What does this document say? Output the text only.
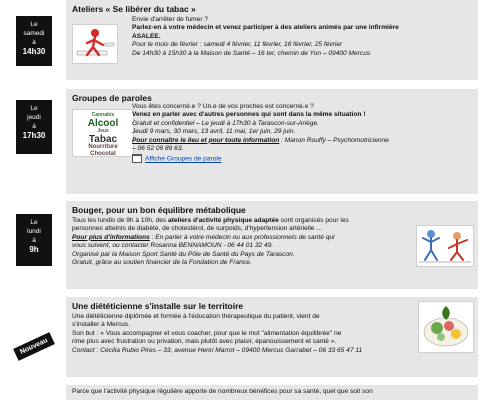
Le
samedi
à
14h30
Ateliers « Se libérer du tabac »

Envie d'arrêter de fumer ?

Parlez-en à votre médecin et venez participer à des ateliers animés par une infirmière

ASALEE.

Pour le mois de février : samedi 4 février, 11 février, 18 février, 25 février

De 14h30 à 15h30 à la Maison de Santé – 16 ter, chemin de Yon – 09400 Mercus

Le
jeudi
à
17h30
Groupes de paroles
Cannabis
Alcool
Jeux
Tabac
Nourriture
Chocolat

Vous êtes concerné.e ? Un.e de vos proches est concerné.e ?

Venez en parler avec d'autres personnes qui sont dans la même situation !

Gratuit et confidentiel – Le jeudi à 17h30 à Tarascon-sur-Ariège.

Jeudi 9 mars, 30 mars, 13 avril, 11 mai, 1er juin, 29 juin.

Pour connaître le lieu et pour toute information : Manon Rouffy – Psychomotricienne

– 06 52 09 89 63.

Affiche Groupes de parole

Le
lundi
à
9h
Bouger, pour un bon équilibre métabolique

Tous les lundis de 9h à 10h, des ateliers d'activité physique adaptée sont organisés pour les

personnes atteints de diabète, de cholestérol, de surpoids, d'hypertension artérielle ...

Pour plus d'informations : En parler à votre médecin ou aux professionnels de santé qui

vous suivent, ou contacter Rosanna BENNAMOUN - 06 44 01 32 49.

Organisé par la Maison Sport Santé du Pôle de Santé du Pays de Tarascon.

Gratuit, grâce au soutien financier de la Fondation de France.

Nouveau
Une diététicienne s'installe sur le territoire

Une diététicienne diplômée et formée à l'éducation thérapeutique du patient, vient de

s'installer à Mercus.

Son but : « Vous accompagner et vous coacher, pour que le mot "alimentation équilibrée" ne

rime plus avec frustration ou privation, mais plutôt avec plaisir, épanouissement et santé ».

Contact : Cécilia Rubio Pires – 33, avenue Henri Marrot – 09400 Mercus Garrabet – 06 33 65 47 11

Parce que l'activité physique régulière apporte de nombreux bénéfices pour sa santé, quel que soit son
